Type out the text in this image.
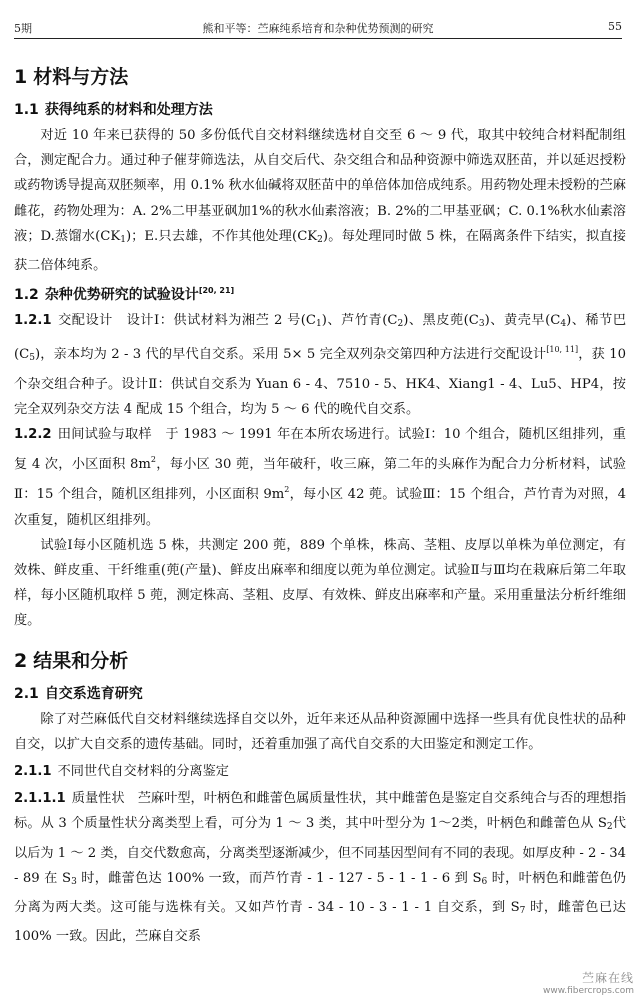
5期	熊和平等：苎麻纯系培育和杂种优势预测的研究	55
1 材料与方法
1.1 获得纯系的材料和处理方法

对近 10 年来已获得的 50 多份低代自交材料继续选材自交至 6 ～ 9 代，取其中较纯合材料配制组合，测定配合力。通过种子催芽筛选法，从自交后代、杂交组合和品种资源中筛选双胚苗，并以延迟授粉或药物诱导提高双胚频率，用 0.1% 秋水仙碱将双胚苗中的单倍体加倍成纯系。用药物处理未授粉的苎麻雌花，药物处理为：A. 2%二甲基亚砜加1%的秋水仙素溶液；B. 2%的二甲基亚砜；C. 0.1%秋水仙素溶液；D.蒸馏水$(CK_1)$；E.只去雄，不作其他处理$(CK_2)$。每处理同时做 5 株，在隔离条件下结实，拟直接获二倍体纯系。

1.2 杂种优势研究的试验设计[20, 21]

1.2.1 交配设计　 设计Ⅰ：供试材料为湘苎 2 号$(C_1)$、芦竹青$(C_2)$、黑皮蔸$(C_3)$、黄壳早$(C_4)$、稀节巴$(C_5)$，亲本均为 2 - 3 代的早代自交系。采用 5× 5 完全双列杂交第四种方法进行交配设计[10, 11]，获 10 个杂交组合种子。设计Ⅱ：供试自交系为 Yuan 6 - 4、7510 - 5、HK4、Xiang1 - 4、Lu5、HP4，按完全双列杂交方法 4 配成 15 个组合，均为 5 ～ 6 代的晚代自交系。

1.2.2 田间试验与取样　 于 1983 ～ 1991 年在本所农场进行。试验Ⅰ：10 个组合，随机区组排列，重复 4 次，小区面积 $8m^2$，每小区 30 蔸，当年破秆，收三麻，第二年的头麻作为配合力分析材料，试验Ⅱ：15 个组合，随机区组排列，小区面积 $9m^2$，每小区 42 蔸。试验Ⅲ：15 个组合，芦竹青为对照，4次重复，随机区组排列。

试验Ⅰ每小区随机选 5 株，共测定 200 蔸，889 个单株，株高、茎粗、皮厚以单株为单位测定，有效株、鲜皮重、干纤维重(蔸(产量)、鲜皮出麻率和细度以蔸为单位测定。试验Ⅱ与Ⅲ均在栽麻后第二年取样，每小区随机取样 5 蔸，测定株高、茎粗、皮厚、有效株、鲜皮出麻率和产量。采用重量法分析纤维细度。

2 结果和分析
2.1 自交系选育研究

除了对苎麻低代自交材料继续选择自交以外，近年来还从品种资源圃中选择一些具有优良性状的品种自交，以扩大自交系的遗传基础。同时，还着重加强了高代自交系的大田鉴定和测定工作。

2.1.1 不同世代自交材料的分离鉴定

2.1.1.1 质量性状　 苎麻叶型，叶柄色和雌蕾色属质量性状，其中雌蕾色是鉴定自交系纯合与否的理想指标。从 3 个质量性状分离类型上看，可分为 1 ～ 3 类，其中叶型分为 1～2类，叶柄色和雌蕾色从 $S_2$代以后为 1 ～ 2 类，自交代数愈高，分离类型逐渐减少，但不同基因型间有不同的表现。如厚皮种 - 2 - 34 - 89 在 $S_3$ 时，雌蕾色达 100% 一致，而芦竹青 - 1 - 127 - 5 - 1 - 1 - 6 到 $S_6$ 时，叶柄色和雌蕾色仍分离为两大类。这可能与选株有关。又如芦竹青 - 34 - 10 - 3 - 1 - 1 自交系，到 $S_7$ 时，雌蕾色已达 100% 一致。因此，苎麻自交系

苎麻在线
www.fibercrops.com
